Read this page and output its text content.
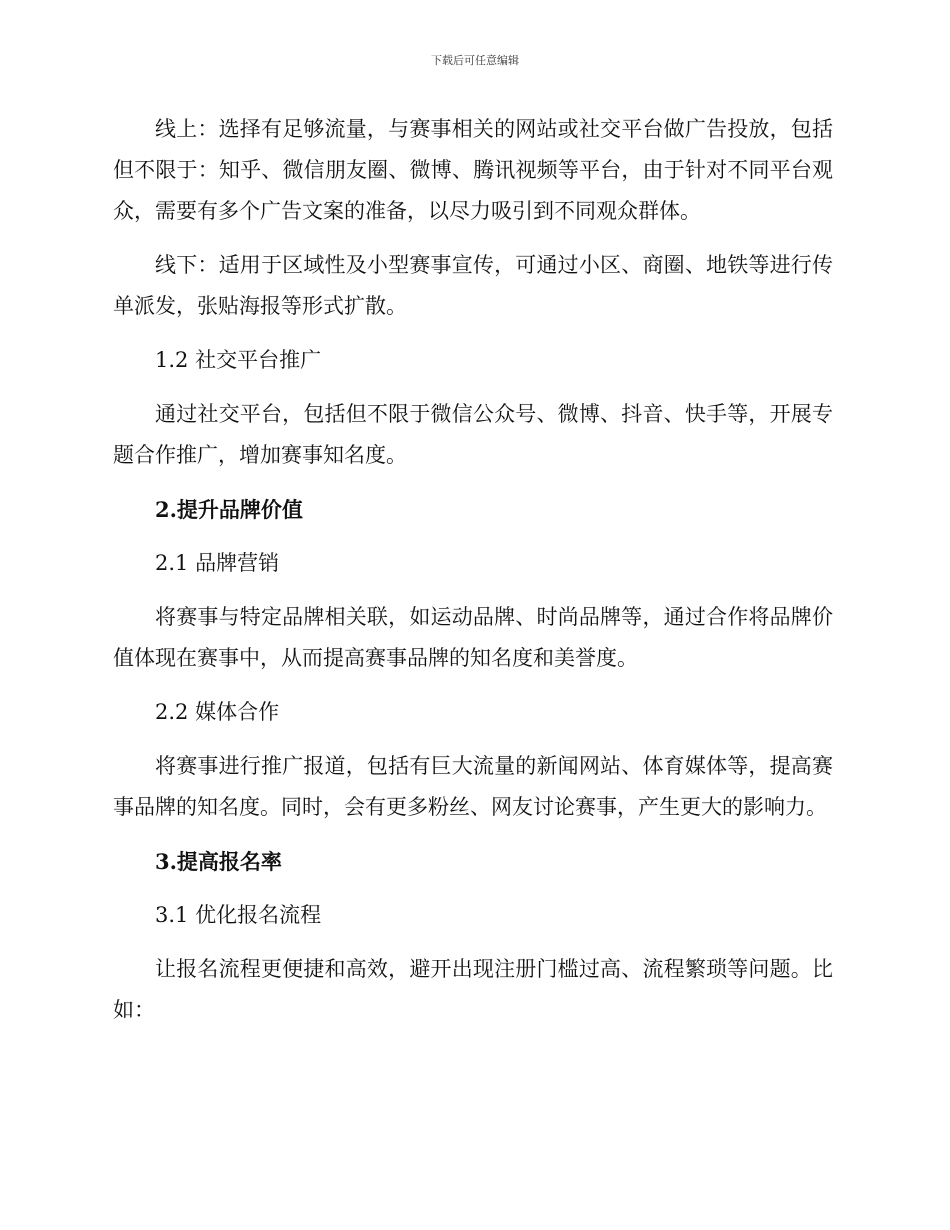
下载后可任意编辑

线上：选择有足够流量，与赛事相关的网站或社交平台做广告投放，包括但不限于：知乎、微信朋友圈、微博、腾讯视频等平台，由于针对不同平台观众，需要有多个广告文案的准备，以尽力吸引到不同观众群体。

线下：适用于区域性及小型赛事宣传，可通过小区、商圈、地铁等进行传单派发，张贴海报等形式扩散。

1.2 社交平台推广

通过社交平台，包括但不限于微信公众号、微博、抖音、快手等，开展专题合作推广，增加赛事知名度。

2.提升品牌价值

2.1 品牌营销

将赛事与特定品牌相关联，如运动品牌、时尚品牌等，通过合作将品牌价值体现在赛事中，从而提高赛事品牌的知名度和美誉度。

2.2 媒体合作

将赛事进行推广报道，包括有巨大流量的新闻网站、体育媒体等，提高赛事品牌的知名度。同时，会有更多粉丝、网友讨论赛事，产生更大的影响力。

3.提高报名率

3.1 优化报名流程

让报名流程更便捷和高效，避开出现注册门槛过高、流程繁琐等问题。比如：
